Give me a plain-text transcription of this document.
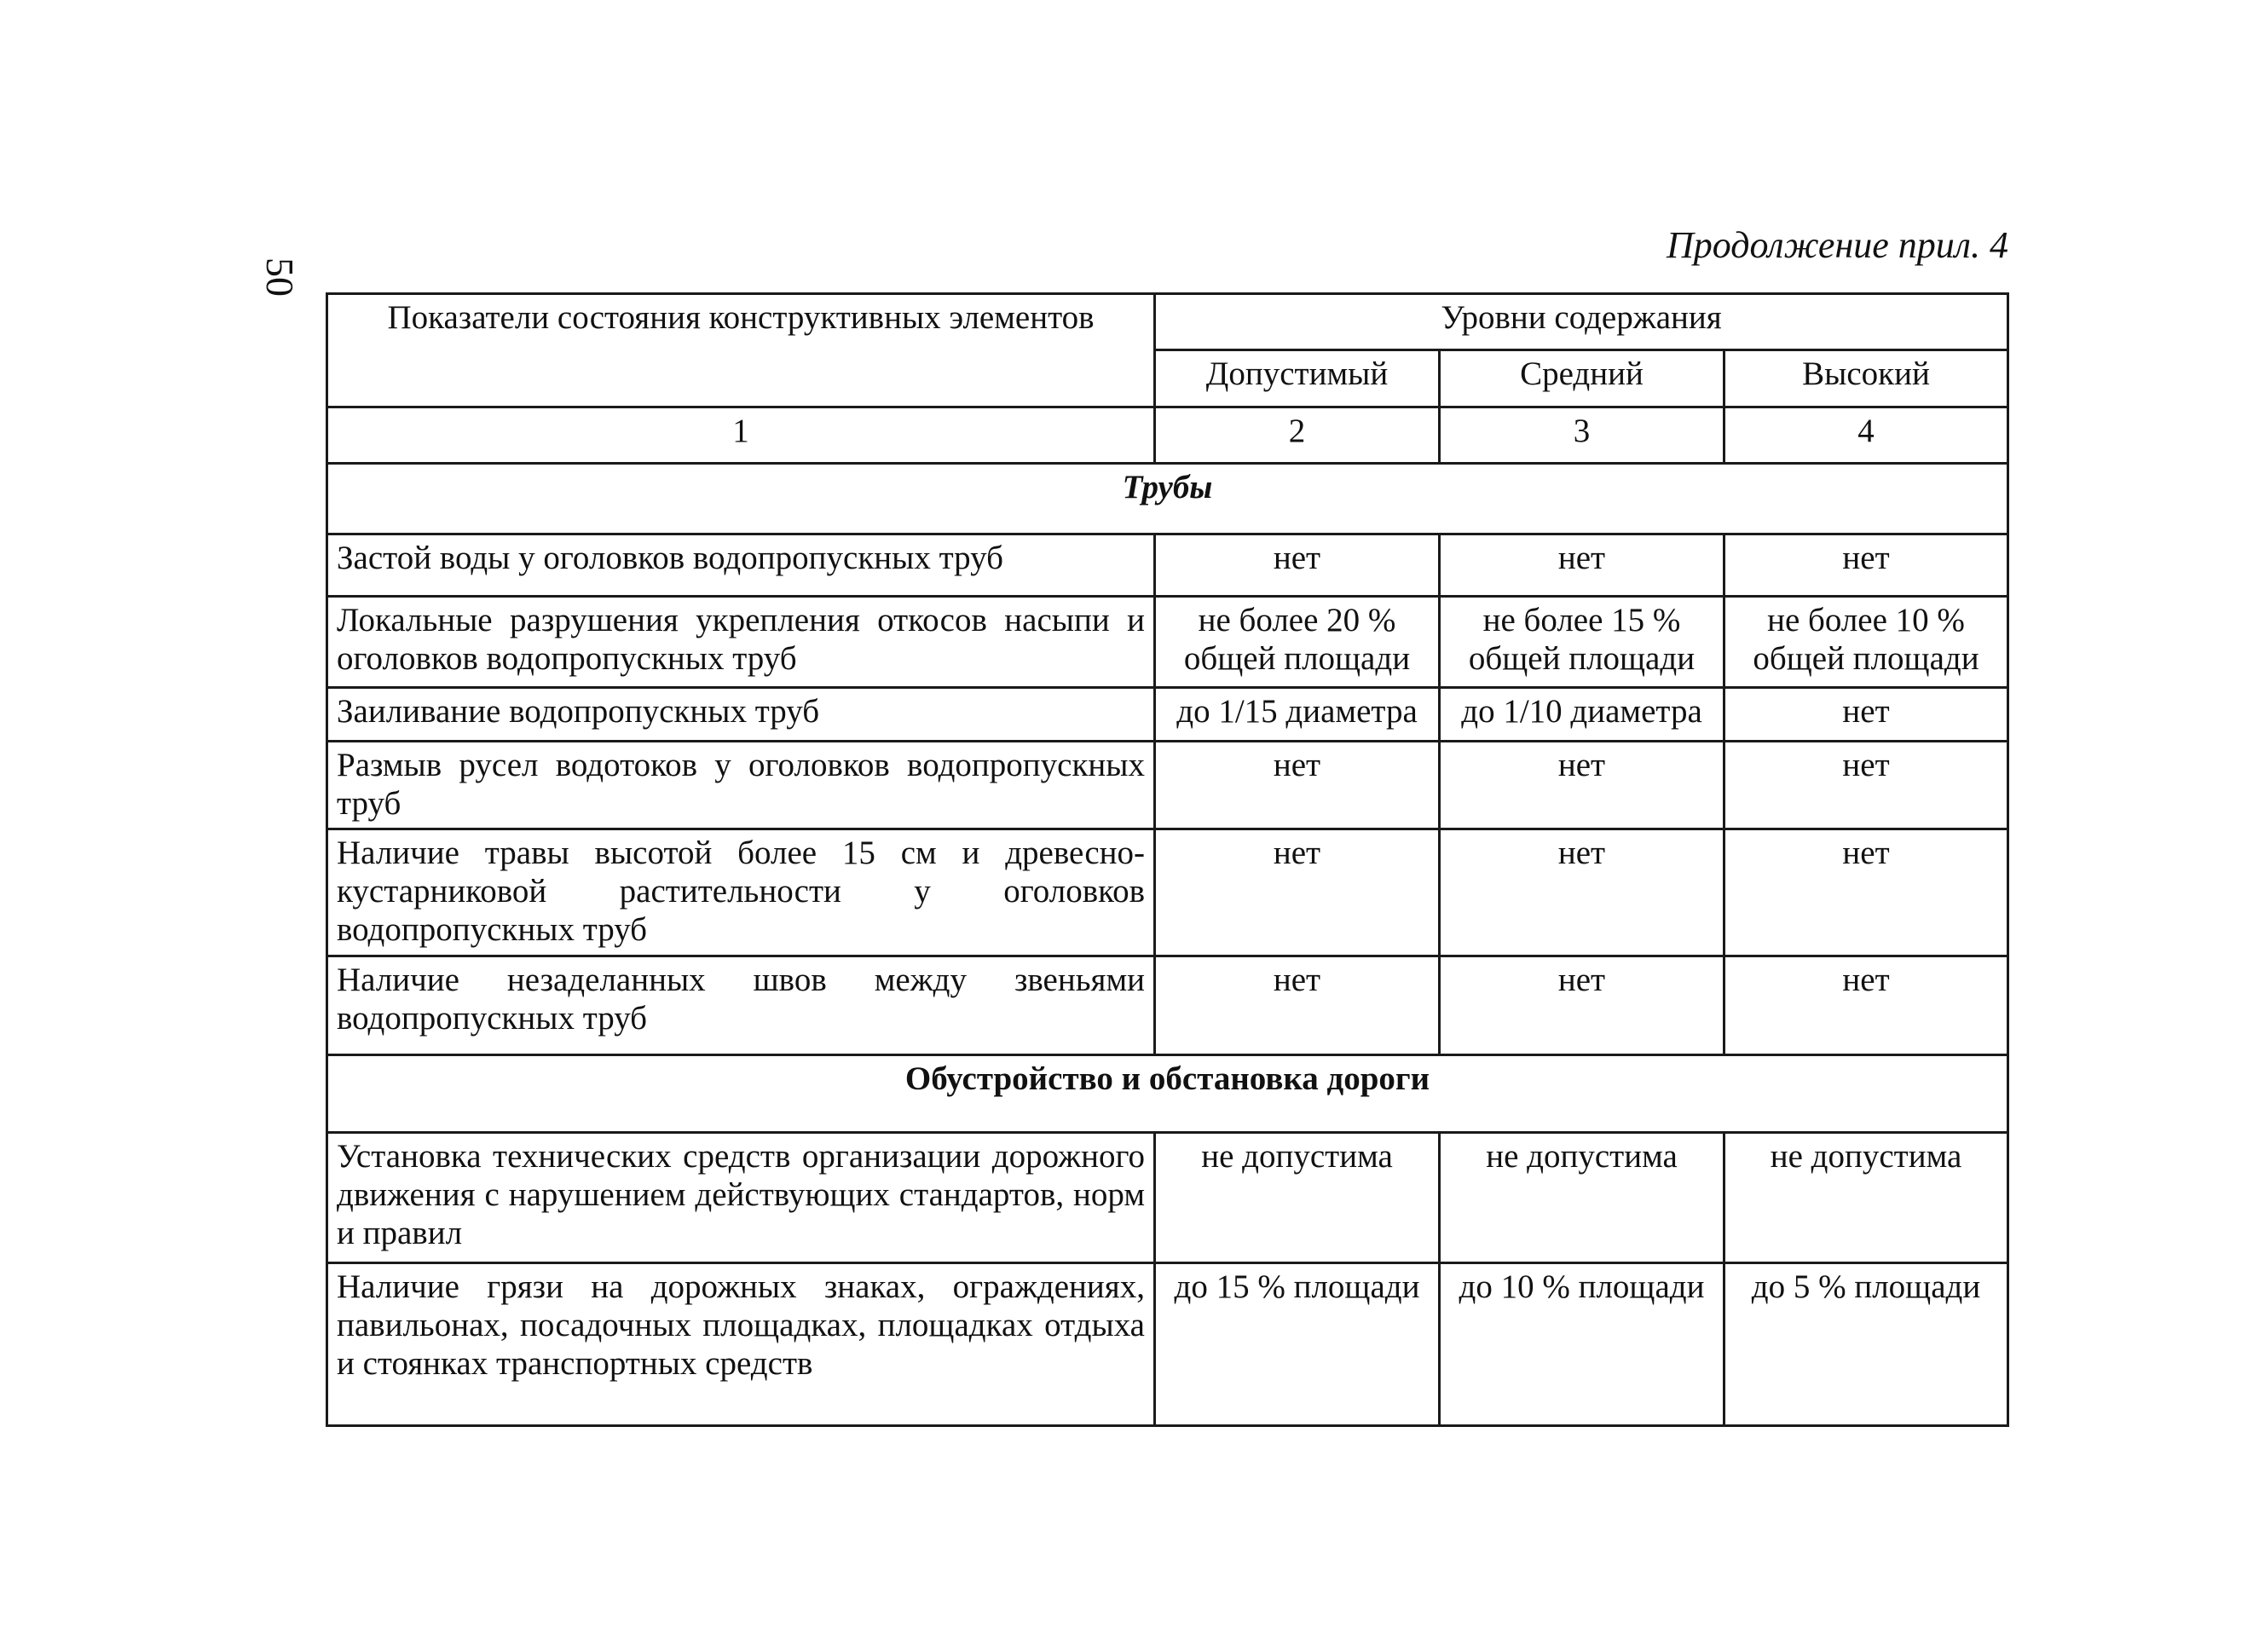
50
Продолжение прил. 4
Показатели состояния конструктивных элементов	Уровни содержания		
	Допустимый	Средний	Высокий
1	2	3	4
Трубы			
Застой воды у оголовков водопропускных труб	нет	нет	нет
Локальные разрушения укрепления откосов насыпи и оголовков водопропускных труб	не более 20 % общей площади	не более 15 % общей площади	не более 10 % общей площади
Заиливание водопропускных труб	до 1/15 диаметра	до 1/10 диаметра	нет
Размыв русел водотоков у оголовков водопропускных труб	нет	нет	нет
Наличие травы высотой более 15 см и древесно-кустарниковой растительности у оголовков водопропускных труб	нет	нет	нет
Наличие незаделанных швов между звеньями водопропускных труб	нет	нет	нет
Обустройство и обстановка дороги			
Установка технических средств организации дорожного движения с нарушением действующих стандартов, норм и правил	не допустима	не допустима	не допустима
Наличие грязи на дорожных знаках, ограждениях, павильонах, посадочных площадках, площадках отдыха и стоянках транспортных средств	до 15 % площади	до 10 % площади	до 5 % площади
